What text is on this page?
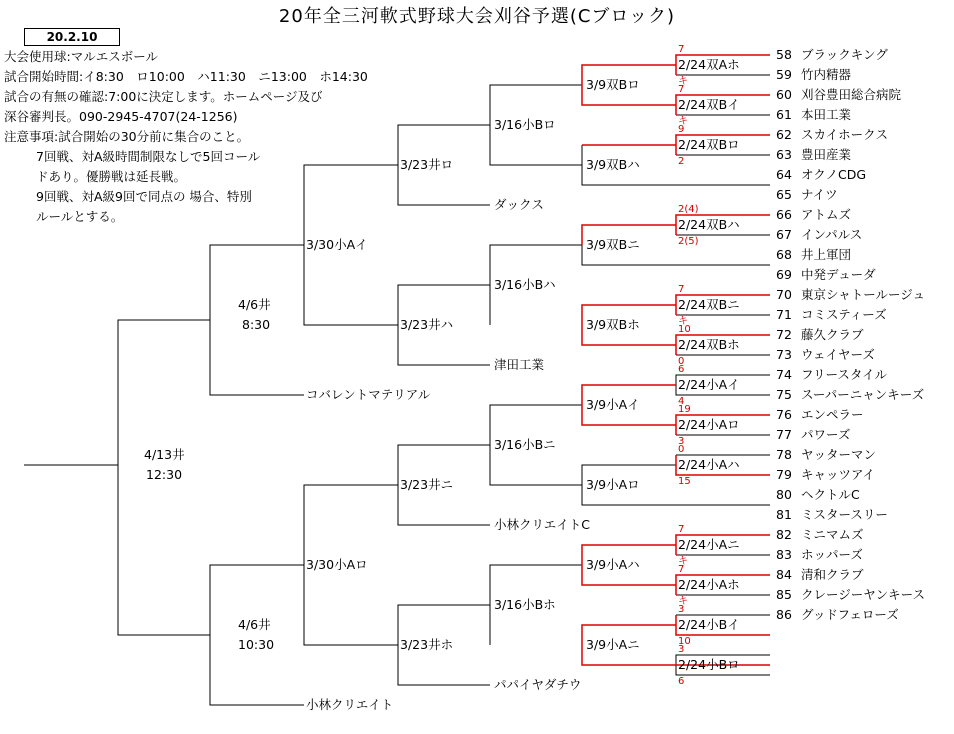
20年全三河軟式野球大会刈谷予選(Cブロック)
20.2.10
大会使用球:マルエスボール
試合開始時間:イ8:30　ロ10:00　ハ11:30　ニ13:00　ホ14:30
試合の有無の確認:7:00に決定します。ホームページ及び
深谷審判長。090-2945-4707(24-1256)
注意事項:試合開始の30分前に集合のこと。
7回戦、対A級時間制限なしで5回コール
ドあり。優勝戦は延長戦。
9回戦、対A級9回で同点の 場合、特別
ルールとする。
58 ブラックキング
59 竹内精器
60 刈谷豊田総合病院
61 本田工業
62 スカイホークス
63 豊田産業
64 オクノCDG
65 ナイツ
66 アトムズ
67 インパルス
68 井上軍団
69 中発デューダ
70 東京シャトールージュ
71 コミスティーズ
72 藤久クラブ
73 ウェイヤーズ
74 フリースタイル
75 スーパーニャンキーズ
76 エンペラー
77 パワーズ
78 ヤッターマン
79 キャッツアイ
80 ヘクトルC
81 ミスタースリー
82 ミニマムズ
83 ホッパーズ
84 清和クラブ
85 クレージーヤンキース
86 グッドフェローズ
2/24双Aホ
2/24双Bイ
2/24双Bロ
2/24双Bハ
2/24双Bニ
2/24双Bホ
2/24小Aイ
2/24小Aロ
2/24小Aハ
2/24小Aニ
2/24小Aホ
2/24小Bイ
2/24小Bロ
3/9双Bロ
3/9双Bハ
3/9双Bニ
3/9双Bホ
3/9小Aイ
3/9小Aロ
3/9小Aハ
3/9小Aニ
3/16小Bロ
3/16小Bハ
3/16小Bニ
3/16小Bホ
ダックス
津田工業
小林クリエイトC
パパイヤダチウ
3/23井ロ
3/23井ハ
3/23井ニ
3/23井ホ
3/30小Aイ
3/30小Aロ
コバレントマテリアル
小林クリエイト
4/6井
8:30
4/6井
10:30
4/13井
12:30
7
キ
7
キ
9
2
2(4)
2(5)
7
キ
10
0
6
4
19
3
0
15
7
キ
7
キ
3
10
3
6
